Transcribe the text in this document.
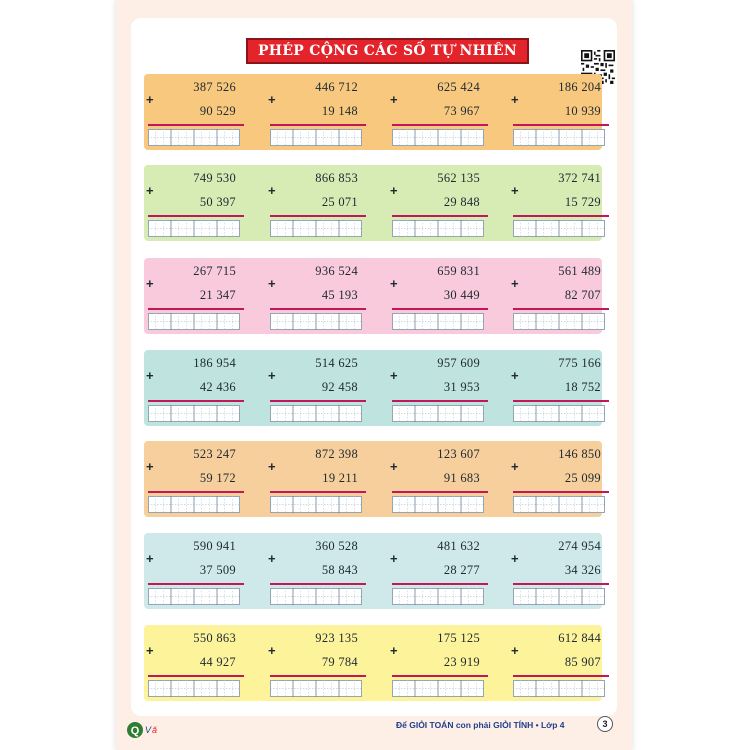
PHÉP CỘNG CÁC SỐ TỰ NHIÊN
+
387 526
90 529
+
446 712
19 148
+
625 424
73 967
+
186 204
10 939
+
749 530
50 397
+
866 853
25 071
+
562 135
29 848
+
372 741
15 729
+
267 715
21 347
+
936 524
45 193
+
659 831
30 449
+
561 489
82 707
+
186 954
42 436
+
514 625
92 458
+
957 609
31 953
+
775 166
18 752
+
523 247
59 172
+
872 398
19 211
+
123 607
91 683
+
146 850
25 099
+
590 941
37 509
+
360 528
58 843
+
481 632
28 277
+
274 954
34 326
+
550 863
44 927
+
923 135
79 784
+
175 125
23 919
+
612 844
85 907
Q V ă	Để GIỎI TOÁN con phải GIỎI TÍNH • Lớp 4	3
